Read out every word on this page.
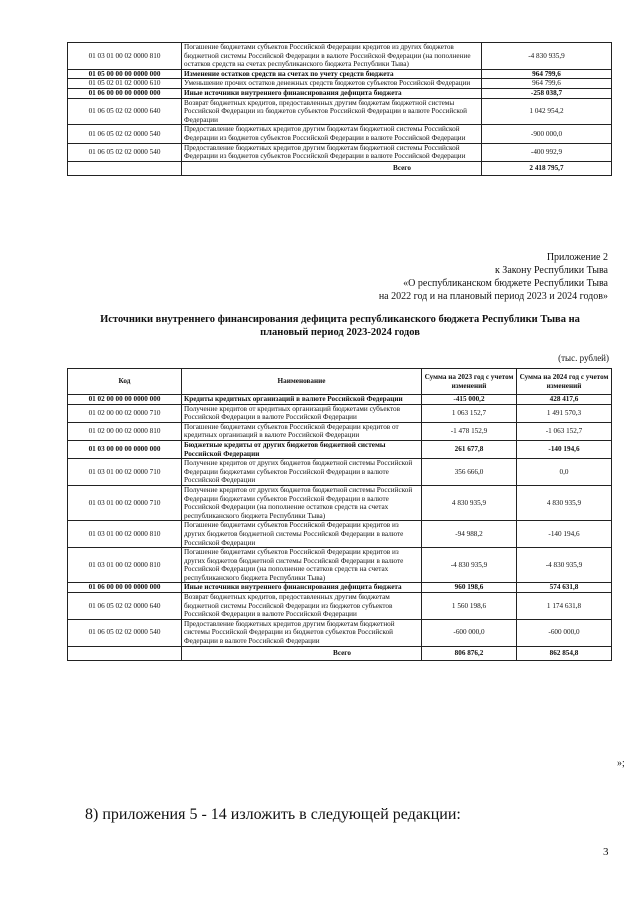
01 03 01 00 02 0000 810	Погашение бюджетами субъектов Российской Федерации кредитов из других бюджетов бюджетной системы Российской Федерации в валюте Российской Федерации (на пополнение остатков средств на счетах республиканского бюджета Республики Тыва)	-4 830 935,9
01 05 00 00 00 0000 000	Изменение остатков средств на счетах по учету средств бюджета	964 799,6
01 05 02 01 02 0000 610	Уменьшение прочих остатков денежных средств бюджетов субъектов Российской Федерации	964 799,6
01 06 00 00 00 0000 000	Иные источники внутреннего финансирования дефицита бюджета	-258 038,7
01 06 05 02 02 0000 640	Возврат бюджетных кредитов, предоставленных другим бюджетам бюджетной системы Российской Федерации из бюджетов субъектов Российской Федерации в валюте Российской Федерации	1 042 954,2
01 06 05 02 02 0000 540	Предоставление бюджетных кредитов другим бюджетам бюджетной системы Российской Федерации из бюджетов субъектов Российской Федерации в валюте Российской Федерации	-900 000,0
01 06 05 02 02 0000 540	Предоставление бюджетных кредитов другим бюджетам бюджетной системы Российской Федерации из бюджетов субъектов Российской Федерации в валюте Российской Федерации	-400 992,9
	Всего	2 418 795,7
Приложение 2
к Закону Республики Тыва
«О республиканском бюджете Республики Тыва
на 2022 год и на плановый период 2023 и 2024 годов»
Источники внутреннего финансирования дефицита республиканского бюджета Республики Тыва на плановый период 2023-2024 годов
(тыс. рублей)
Код	Наименование	Сумма на 2023 год с учетом изменений	Сумма на 2024 год с учетом изменений
01 02 00 00 00 0000 000	Кредиты кредитных организаций в валюте Российской Федерации	-415 000,2	428 417,6
01 02 00 00 02 0000 710	Получение кредитов от кредитных организаций бюджетами субъектов Российской Федерации в валюте Российской Федерации	1 063 152,7	1 491 570,3
01 02 00 00 02 0000 810	Погашение бюджетами субъектов Российской Федерации кредитов от кредитных организаций в валюте Российской Федерации	-1 478 152,9	-1 063 152,7
01 03 00 00 00 0000 000	Бюджетные кредиты от других бюджетов бюджетной системы Российской Федерации	261 677,8	-140 194,6
01 03 01 00 02 0000 710	Получение кредитов от других бюджетов бюджетной системы Российской Федерации бюджетами субъектов Российской Федерации в валюте Российской Федерации	356 666,0	0,0
01 03 01 00 02 0000 710	Получение кредитов от других бюджетов бюджетной системы Российской Федерации бюджетами субъектов Российской Федерации в валюте Российской Федерации (на пополнение остатков средств на счетах республиканского бюджета Республики Тыва)	4 830 935,9	4 830 935,9
01 03 01 00 02 0000 810	Погашение бюджетами субъектов Российской Федерации кредитов из других бюджетов бюджетной системы Российской Федерации в валюте Российской Федерации	-94 988,2	-140 194,6
01 03 01 00 02 0000 810	Погашение бюджетами субъектов Российской Федерации кредитов из других бюджетов бюджетной системы Российской Федерации в валюте Российской Федерации (на пополнение остатков средств на счетах республиканского бюджета Республики Тыва)	-4 830 935,9	-4 830 935,9
01 06 00 00 00 0000 000	Иные источники внутреннего финансирования дефицита бюджета	960 198,6	574 631,8
01 06 05 02 02 0000 640	Возврат бюджетных кредитов, предоставленных другим бюджетам бюджетной системы Российской Федерации из бюджетов субъектов Российской Федерации в валюте Российской Федерации	1 560 198,6	1 174 631,8
01 06 05 02 02 0000 540	Предоставление бюджетных кредитов другим бюджетам бюджетной системы Российской Федерации из бюджетов субъектов Российской Федерации в валюте Российской Федерации	-600 000,0	-600 000,0
	Всего	806 876,2	862 854,8
»;
8) приложения 5 - 14 изложить в следующей редакции:
3
